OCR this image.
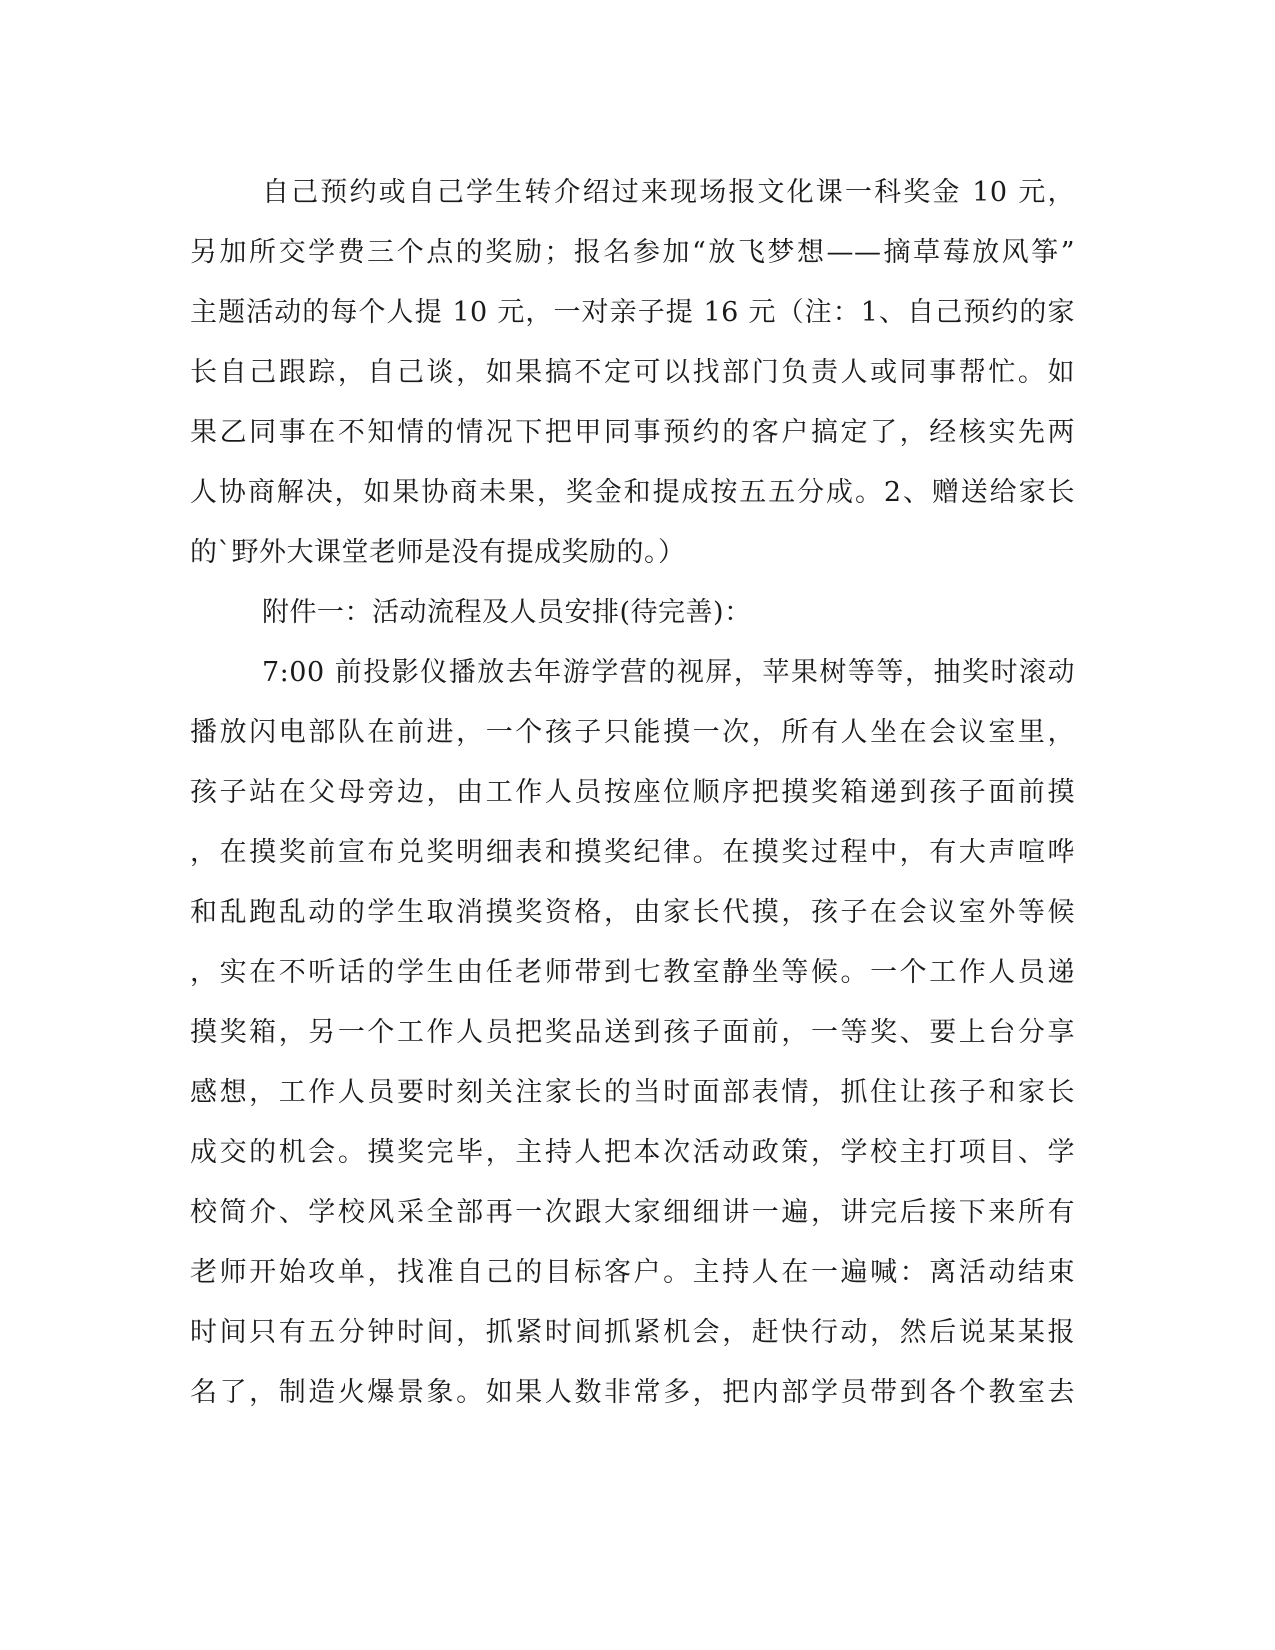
自己预约或自己学生转介绍过来现场报文化课一科奖金 10 元，
另加所交学费三个点的奖励；报名参加“放飞梦想——摘草莓放风筝”
主题活动的每个人提 10 元，一对亲子提 16 元（注：1、自己预约的家
长自己跟踪，自己谈，如果搞不定可以找部门负责人或同事帮忙。如
果乙同事在不知情的情况下把甲同事预约的客户搞定了，经核实先两
人协商解决，如果协商未果，奖金和提成按五五分成。2、赠送给家长
的`野外大课堂老师是没有提成奖励的。）
附件一：活动流程及人员安排(待完善)：
7:00 前投影仪播放去年游学营的视屏，苹果树等等，抽奖时滚动
播放闪电部队在前进，一个孩子只能摸一次，所有人坐在会议室里，
孩子站在父母旁边，由工作人员按座位顺序把摸奖箱递到孩子面前摸
，在摸奖前宣布兑奖明细表和摸奖纪律。在摸奖过程中，有大声喧哗
和乱跑乱动的学生取消摸奖资格，由家长代摸，孩子在会议室外等候
，实在不听话的学生由任老师带到七教室静坐等候。一个工作人员递
摸奖箱，另一个工作人员把奖品送到孩子面前，一等奖、要上台分享
感想，工作人员要时刻关注家长的当时面部表情，抓住让孩子和家长
成交的机会。摸奖完毕，主持人把本次活动政策，学校主打项目、学
校简介、学校风采全部再一次跟大家细细讲一遍，讲完后接下来所有
老师开始攻单，找准自己的目标客户。主持人在一遍喊：离活动结束
时间只有五分钟时间，抓紧时间抓紧机会，赶快行动，然后说某某报
名了，制造火爆景象。如果人数非常多，把内部学员带到各个教室去
